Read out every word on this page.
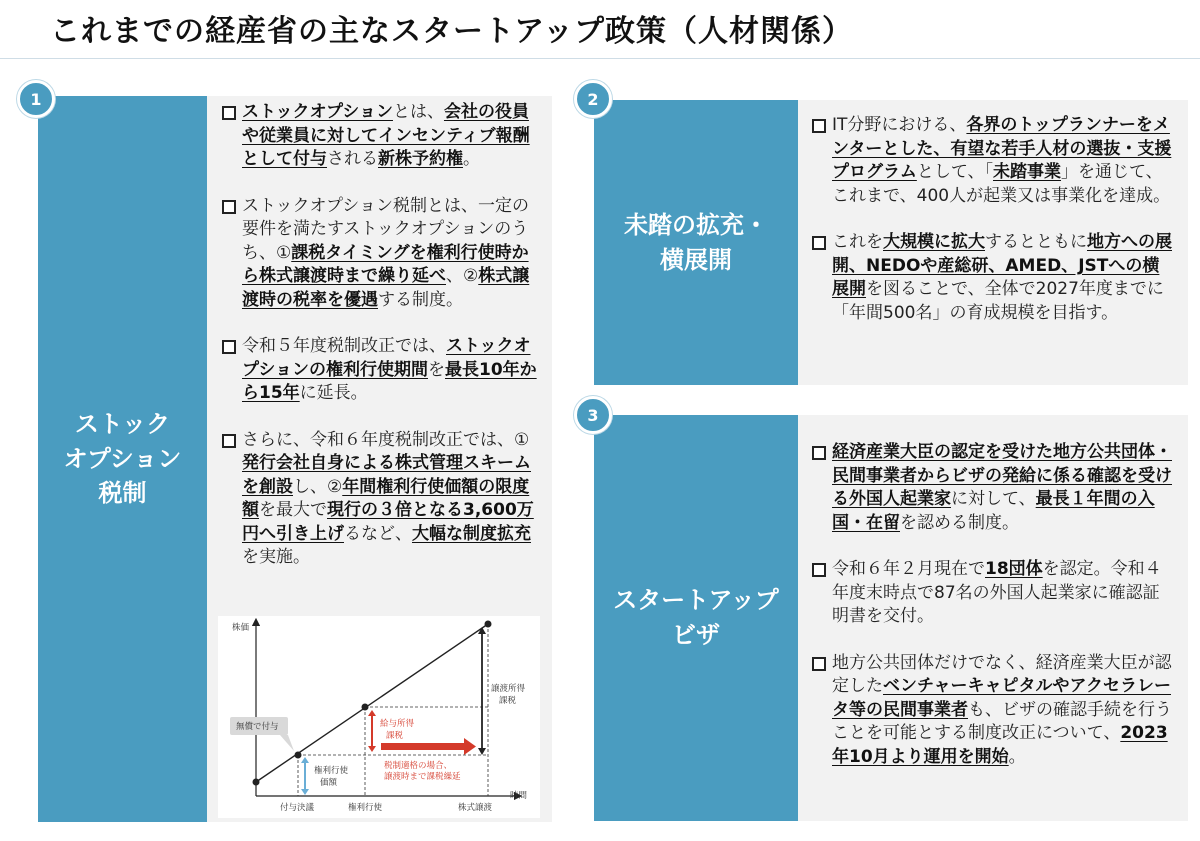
これまでの経産省の主なスタートアップ政策（人材関係）
ストック
オプション
税制
1
ストックオプションとは、会社の役員や従業員に対してインセンティブ報酬として付与される新株予約権。
ストックオプション税制とは、一定の要件を満たすストックオプションのうち、①課税タイミングを権利行使時から株式譲渡時まで繰り延べ、②株式譲渡時の税率を優遇する制度。
令和５年度税制改正では、ストックオプションの権利行使期間を最長10年から15年に延長。
さらに、令和６年度税制改正では、①発行会社自身による株式管理スキームを創設し、②年間権利行使価額の限度額を最大で現行の３倍となる3,600万円へ引き上げるなど、大幅な制度拡充を実施。
株価
時間
無償で付与
権利行使
価額
給与所得
課税
税制適格の場合、
譲渡時まで課税繰延
譲渡所得
課税
付与決議	権利行使	株式譲渡
未踏の拡充・
横展開
2
IT分野における、各界のトップランナーをメンターとした、有望な若手人材の選抜・支援プログラムとして、「未踏事業」を通じて、これまで、400人が起業又は事業化を達成。
これを大規模に拡大するとともに地方への展開、NEDOや産総研、AMED、JSTへの横展開を図ることで、全体で2027年度までに「年間500名」の育成規模を目指す。
スタートアップ
ビザ
3
経済産業大臣の認定を受けた地方公共団体・民間事業者からビザの発給に係る確認を受ける外国人起業家に対して、最長１年間の入国・在留を認める制度。
令和６年２月現在で18団体を認定。令和４年度末時点で87名の外国人起業家に確認証明書を交付。
地方公共団体だけでなく、経済産業大臣が認定したベンチャーキャピタルやアクセラレータ等の民間事業者も、ビザの確認手続を行うことを可能とする制度改正について、2023年10月より運用を開始。
